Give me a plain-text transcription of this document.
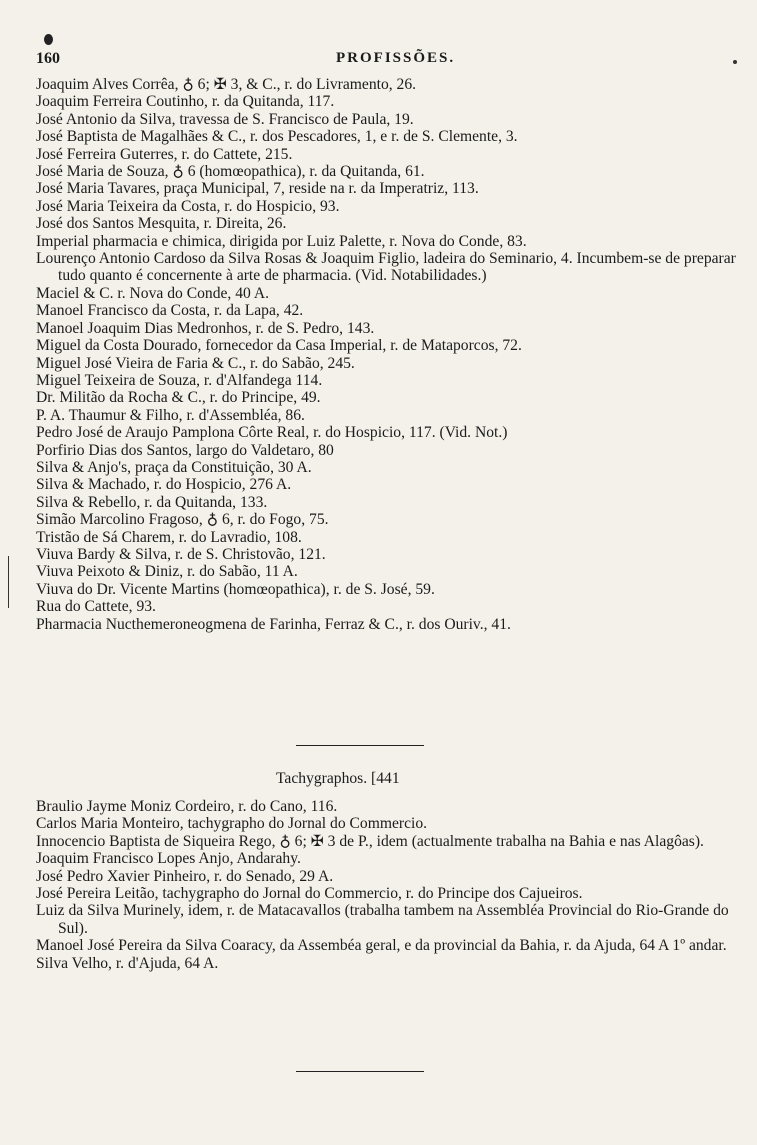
160	PROFISSÕES.
Joaquim Alves Corrêa, ♁ 6; ✠ 3, & C., r. do Livramento, 26.
Joaquim Ferreira Coutinho, r. da Quitanda, 117.
José Antonio da Silva, travessa de S. Francisco de Paula, 19.
José Baptista de Magalhães & C., r. dos Pescadores, 1, e r. de S. Clemente, 3.
José Ferreira Guterres, r. do Cattete, 215.
José Maria de Souza, ♁ 6 (homœopathica), r. da Quitanda, 61.
José Maria Tavares, praça Municipal, 7, reside na r. da Imperatriz, 113.
José Maria Teixeira da Costa, r. do Hospicio, 93.
José dos Santos Mesquita, r. Direita, 26.
Imperial pharmacia e chimica, dirigida por Luiz Palette, r. Nova do Conde, 83.
Lourenço Antonio Cardoso da Silva Rosas & Joaquim Figlio, ladeira do Seminario, 4. Incumbem-se de preparar tudo quanto é concernente à arte de pharmacia. (Vid. Notabilidades.)
Maciel & C. r. Nova do Conde, 40 A.
Manoel Francisco da Costa, r. da Lapa, 42.
Manoel Joaquim Dias Medronhos, r. de S. Pedro, 143.
Miguel da Costa Dourado, fornecedor da Casa Imperial, r. de Mataporcos, 72.
Miguel José Vieira de Faria & C., r. do Sabão, 245.
Miguel Teixeira de Souza, r. d'Alfandega 114.
Dr. Militão da Rocha & C., r. do Principe, 49.
P. A. Thaumur & Filho, r. d'Assembléa, 86.
Pedro José de Araujo Pamplona Côrte Real, r. do Hospicio, 117. (Vid. Not.)
Porfirio Dias dos Santos, largo do Valdetaro, 80
Silva & Anjo's, praça da Constituição, 30 A.
Silva & Machado, r. do Hospicio, 276 A.
Silva & Rebello, r. da Quitanda, 133.
Simão Marcolino Fragoso, ♁ 6, r. do Fogo, 75.
Tristão de Sá Charem, r. do Lavradio, 108.
Viuva Bardy & Silva, r. de S. Christovão, 121.
Viuva Peixoto & Diniz, r. do Sabão, 11 A.
Viuva do Dr. Vicente Martins (homœopathica), r. de S. José, 59.
Rua do Cattete, 93.
Pharmacia Nucthemeroneogmena de Farinha, Ferraz & C., r. dos Ouriv., 41.
Tachygraphos. [441
Braulio Jayme Moniz Cordeiro, r. do Cano, 116.
Carlos Maria Monteiro, tachygrapho do Jornal do Commercio.
Innocencio Baptista de Siqueira Rego, ♁ 6; ✠ 3 de P., idem (actualmente trabalha na Bahia e nas Alagôas).
Joaquim Francisco Lopes Anjo, Andarahy.
José Pedro Xavier Pinheiro, r. do Senado, 29 A.
José Pereira Leitão, tachygrapho do Jornal do Commercio, r. do Principe dos Cajueiros.
Luiz da Silva Murinely, idem, r. de Matacavallos (trabalha tambem na Assembléa Provincial do Rio-Grande do Sul).
Manoel José Pereira da Silva Coaracy, da Assembéa geral, e da provincial da Bahia, r. da Ajuda, 64 A 1º andar.
Silva Velho, r. d'Ajuda, 64 A.
